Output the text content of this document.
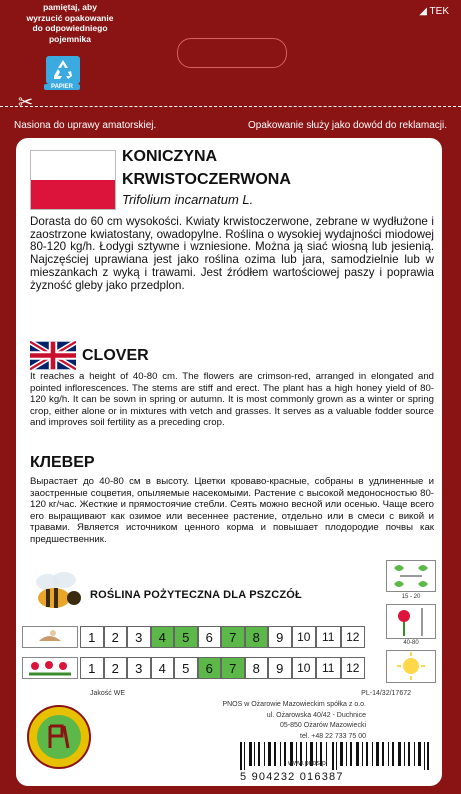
pamiętaj, aby
wyrzucić opakowanie
do odpowiedniego
pojemnika
PAPIER
◢ TEK
✂
Nasiona do uprawy amatorskiej.	Opakowanie służy jako dowód do reklamacji.
KONICZYNA
KRWISTOCZERWONA
Trifolium incarnatum L.
Dorasta do 60 cm wysokości. Kwiaty krwistoczerwone, zebrane w wydłużone i zaostrzone kwiatostany, owadopylne. Roślina o wysokiej wydajności miodowej 80-120 kg/h. Łodygi sztywne i wzniesione. Można ją siać wiosną lub jesienią. Najczęściej uprawiana jest jako roślina ozima lub jara, samodzielnie lub w mieszankach z wyką i trawami. Jest źródłem wartościowej paszy i poprawia żyzność gleby jako przedplon.
CLOVER
It reaches a height of 40-80 cm. The flowers are crimson-red, arranged in elongated and pointed inflorescences. The stems are stiff and erect. The plant has a high honey yield of 80-120 kg/h. It can be sown in spring or autumn. It is most commonly grown as a winter or spring crop, either alone or in mixtures with vetch and grasses. It serves as a valuable fodder source and improves soil fertility as a preceding crop.
КЛЕВЕР
Вырастает до 40-80 см в высоту. Цветки кроваво-красные, собраны в удлиненные и заостренные соцветия, опыляемые насекомыми. Растение с высокой медоносностью 80-120 кг/час. Жесткие и прямостоячие стебли. Сеять можно весной или осенью. Чаще всего его выращивают как озимое или весеннее растение, отдельно или в смеси с викой и травами. Является источником ценного корма и повышает плодородие почвы как предшественник.
ROŚLINA POŻYTECZNA DLA PSZCZÓŁ	15 - 20
40-80
1	2	3	4	5	6	7	8	9	10 11 12
1	2	3	4	5	6	7	8	9	10 11 12
Jakość WE	PL-14/32/17672
PNOS w Ożarowie Mazowieckim spółka z o.o.
ul. Ożarowska 40/42 - Duchnice
05-850 Ożarów Mazowiecki
tel. +48 22 733 75 00
www.pnos.pl
5 904232 016387
